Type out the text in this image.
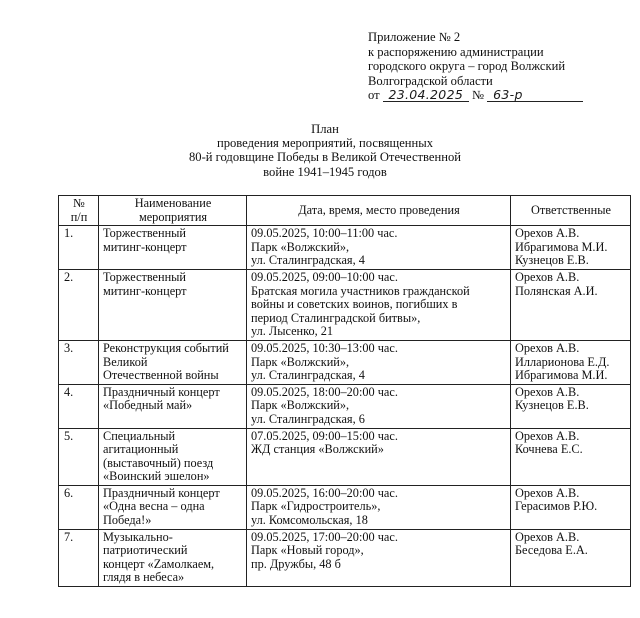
Приложение № 2
к распоряжению администрации
городского округа – город Волжский
Волгоградской области
от 23.04.2025 № 63-р
План
проведения мероприятий, посвященных
80-й годовщине Победы в Великой Отечественной
войне 1941–1945 годов
№
п/п	Наименование
мероприятия	Дата, время, место проведения	Ответственные
1.	Торжественный
митинг-концерт	09.05.2025, 10:00–11:00 час.
Парк «Волжский»,
ул. Сталинградская, 4	Орехов А.В.
Ибрагимова М.И.
Кузнецов Е.В.
2.	Торжественный
митинг-концерт	09.05.2025, 09:00–10:00 час.
Братская могила участников гражданской
войны и советских воинов, погибших в
период Сталинградской битвы»,
ул. Лысенко, 21	Орехов А.В.
Полянская А.И.
3.	Реконструкция событий
Великой
Отечественной войны	09.05.2025, 10:30–13:00 час.
Парк «Волжский»,
ул. Сталинградская, 4	Орехов А.В.
Илларионова Е.Д.
Ибрагимова М.И.
4.	Праздничный концерт
«Победный май»	09.05.2025, 18:00–20:00 час.
Парк «Волжский»,
ул. Сталинградская, 6	Орехов А.В.
Кузнецов Е.В.
5.	Специальный
агитационный
(выставочный) поезд
«Воинский эшелон»	07.05.2025, 09:00–15:00 час.
ЖД станция «Волжский»	Орехов А.В.
Кочнева Е.С.
6.	Праздничный концерт
«Одна весна – одна
Победа!»	09.05.2025, 16:00–20:00 час.
Парк «Гидростроитель»,
ул. Комсомольская, 18	Орехов А.В.
Герасимов Р.Ю.
7.	Музыкально-
патриотический
концерт «Zамолкаем,
глядя в небеса»	09.05.2025, 17:00–20:00 час.
Парк «Новый город»,
пр. Дружбы, 48 б	Орехов А.В.
Беседова Е.А.
